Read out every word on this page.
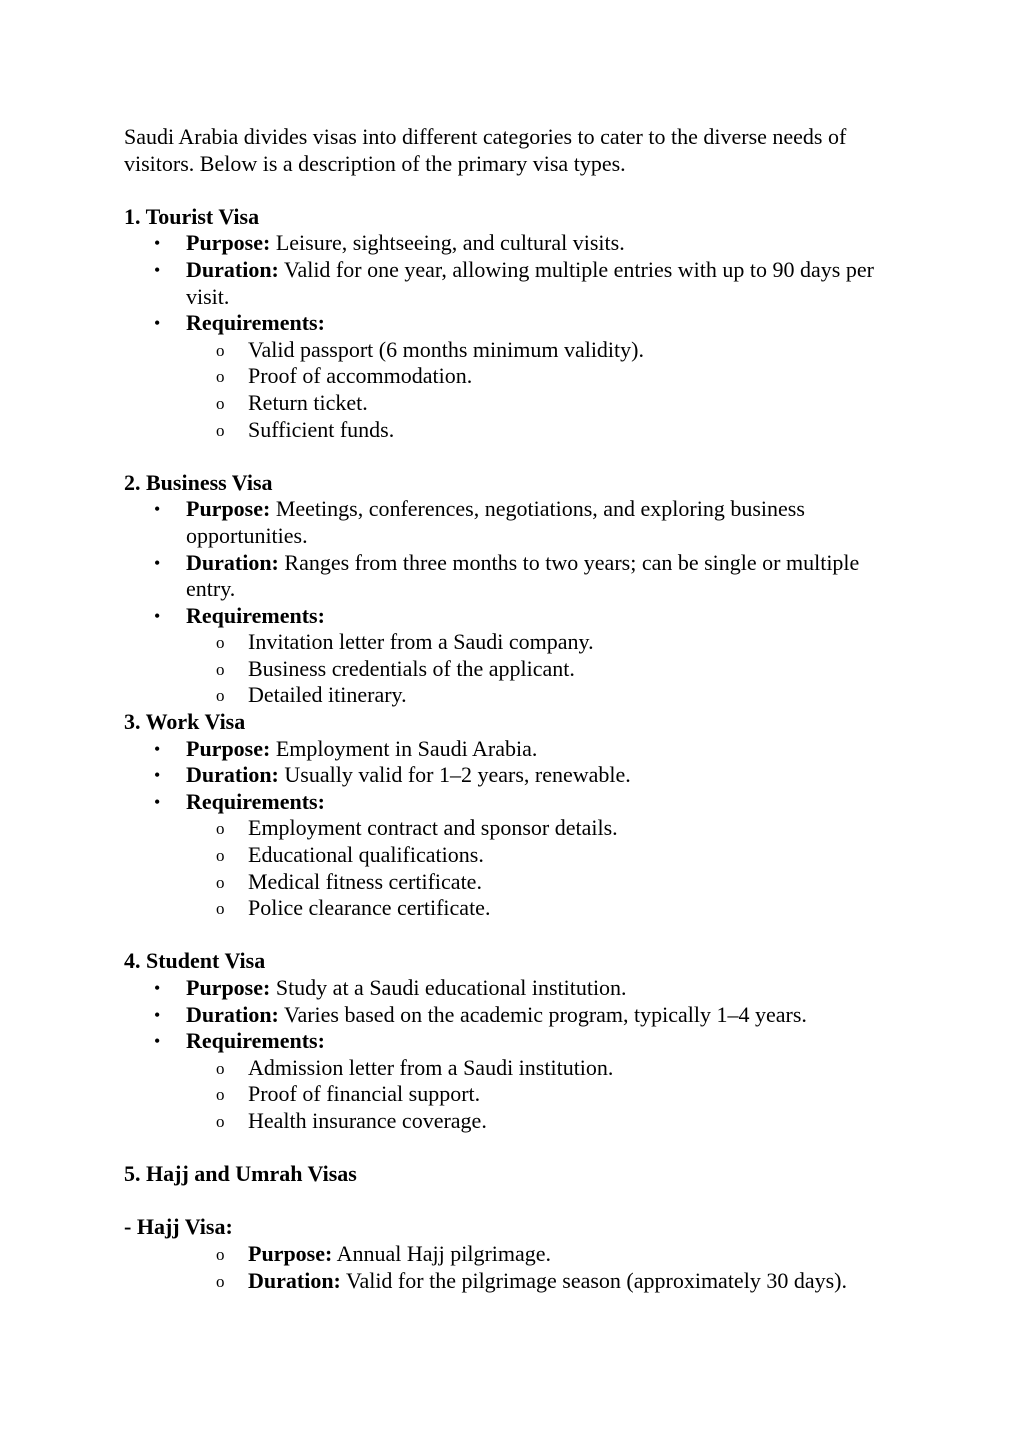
Saudi Arabia divides visas into different categories to cater to the diverse needs of visitors. Below is a description of the primary visa types.

1. Tourist Visa

• Purpose: Leisure, sightseeing, and cultural visits.
• Duration: Valid for one year, allowing multiple entries with up to 90 days per visit.
• Requirements:
o Valid passport (6 months minimum validity).
o Proof of accommodation.
o Return ticket.
o Sufficient funds.

2. Business Visa

• Purpose: Meetings, conferences, negotiations, and exploring business opportunities.
• Duration: Ranges from three months to two years; can be single or multiple entry.
• Requirements:
o Invitation letter from a Saudi company.
o Business credentials of the applicant.
o Detailed itinerary.

3. Work Visa

• Purpose: Employment in Saudi Arabia.
• Duration: Usually valid for 1–2 years, renewable.
• Requirements:
o Employment contract and sponsor details.
o Educational qualifications.
o Medical fitness certificate.
o Police clearance certificate.

4. Student Visa

• Purpose: Study at a Saudi educational institution.
• Duration: Varies based on the academic program, typically 1–4 years.
• Requirements:
o Admission letter from a Saudi institution.
o Proof of financial support.
o Health insurance coverage.

5. Hajj and Umrah Visas

- Hajj Visa:

o Purpose: Annual Hajj pilgrimage.
o Duration: Valid for the pilgrimage season (approximately 30 days).
